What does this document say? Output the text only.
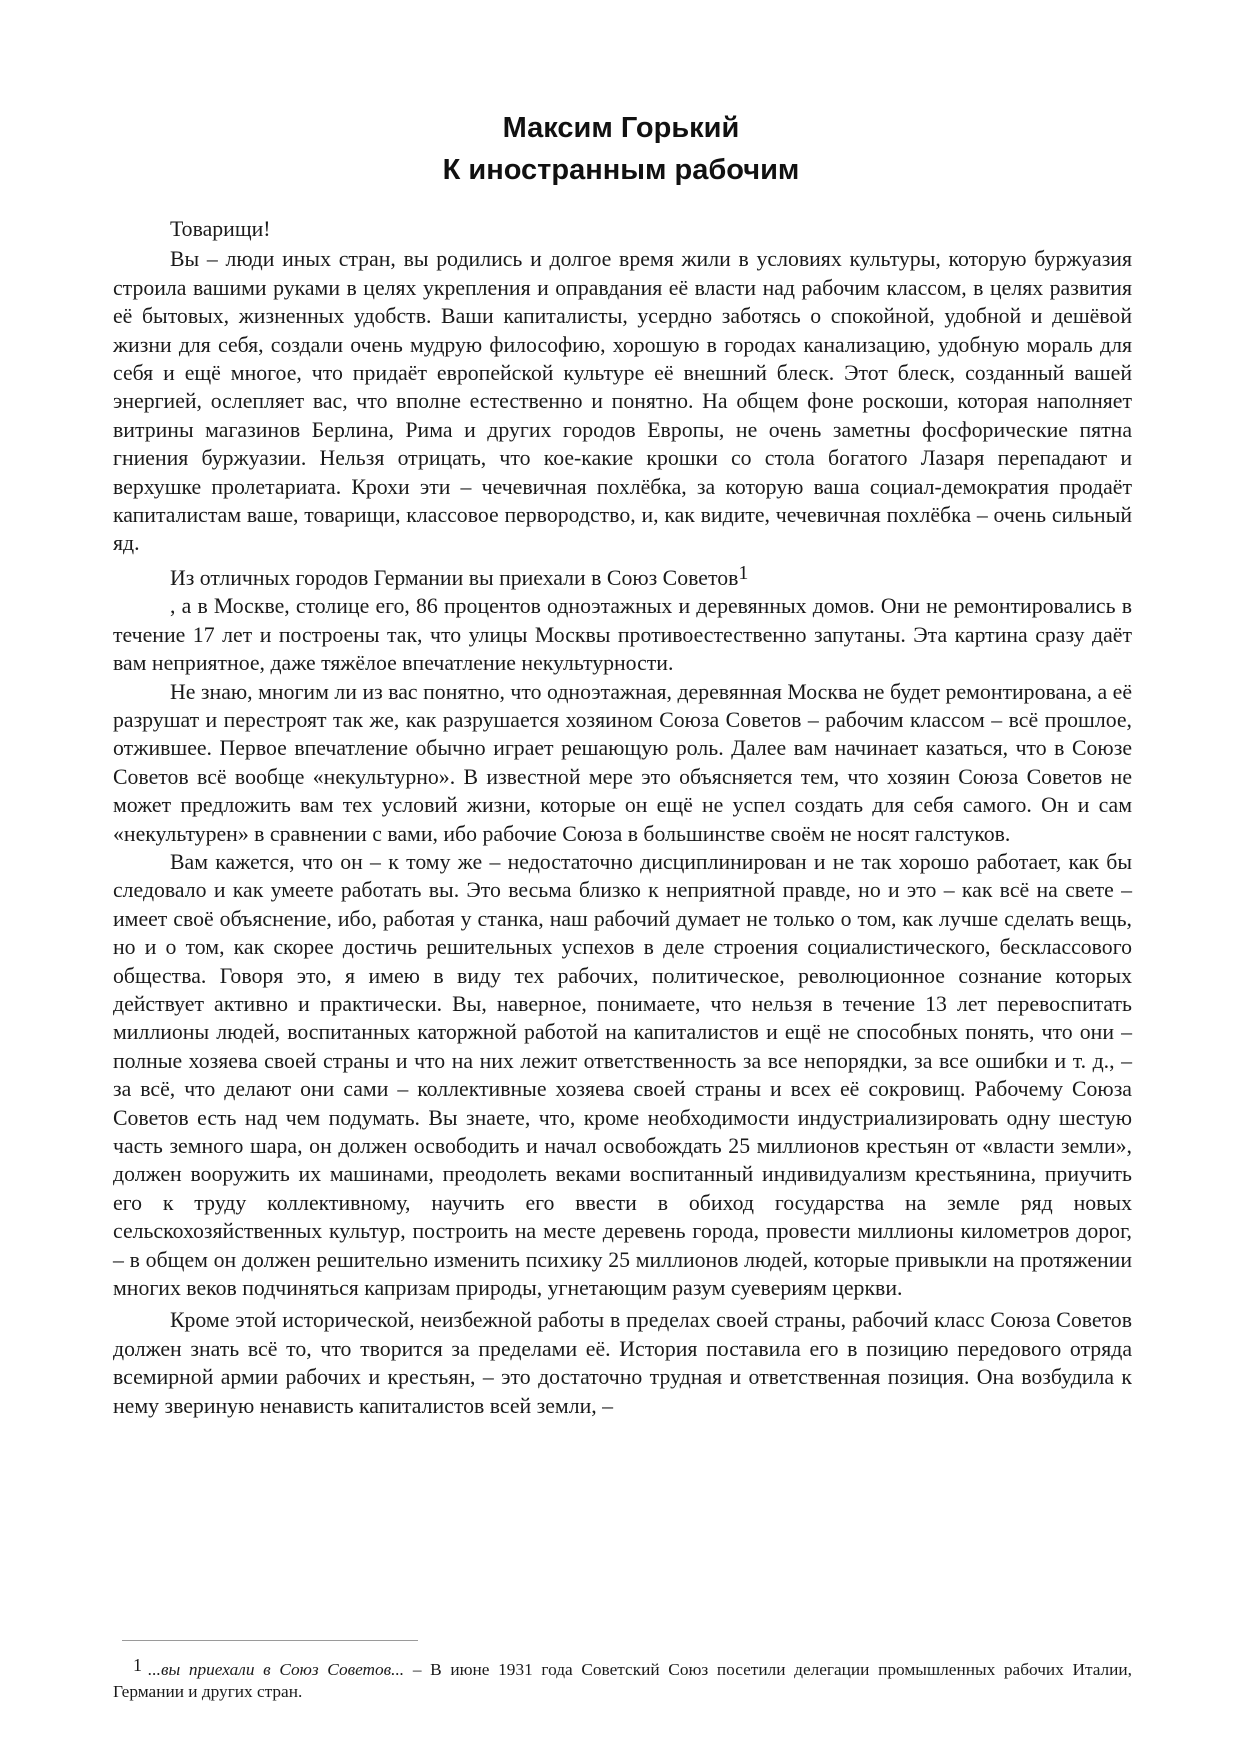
Максим Горький
К иностранным рабочим

Товарищи!

Вы – люди иных стран, вы родились и долгое время жили в условиях культуры, которую буржуазия строила вашими руками в целях укрепления и оправдания её власти над рабочим классом, в целях развития её бытовых, жизненных удобств. Ваши капиталисты, усердно заботясь о спокойной, удобной и дешёвой жизни для себя, создали очень мудрую философию, хорошую в городах канализацию, удобную мораль для себя и ещё многое, что придаёт европейской культуре её внешний блеск. Этот блеск, созданный вашей энергией, ослепляет вас, что вполне естественно и понятно. На общем фоне роскоши, которая наполняет витрины магазинов Берлина, Рима и других городов Европы, не очень заметны фосфорические пятна гниения буржуазии. Нельзя отрицать, что кое-какие крошки со стола богатого Лазаря перепадают и верхушке пролетариата. Крохи эти – чечевичная похлёбка, за которую ваша социал-демократия продаёт капиталистам ваше, товарищи, классовое первородство, и, как видите, чечевичная похлёбка – очень сильный яд.

Из отличных городов Германии вы приехали в Союз Советов1

, а в Москве, столице его, 86 процентов одноэтажных и деревянных домов. Они не ремонтировались в течение 17 лет и построены так, что улицы Москвы противоестественно запутаны. Эта картина сразу даёт вам неприятное, даже тяжёлое впечатление некультурности.

Не знаю, многим ли из вас понятно, что одноэтажная, деревянная Москва не будет ремонтирована, а её разрушат и перестроят так же, как разрушается хозяином Союза Советов – рабочим классом – всё прошлое, отжившее. Первое впечатление обычно играет решающую роль. Далее вам начинает казаться, что в Союзе Советов всё вообще «некультурно». В известной мере это объясняется тем, что хозяин Союза Советов не может предложить вам тех условий жизни, которые он ещё не успел создать для себя самого. Он и сам «некультурен» в сравнении с вами, ибо рабочие Союза в большинстве своём не носят галстуков.

Вам кажется, что он – к тому же – недостаточно дисциплинирован и не так хорошо работает, как бы следовало и как умеете работать вы. Это весьма близко к неприятной правде, но и это – как всё на свете – имеет своё объяснение, ибо, работая у станка, наш рабочий думает не только о том, как лучше сделать вещь, но и о том, как скорее достичь решительных успехов в деле строения социалистического, бесклассового общества. Говоря это, я имею в виду тех рабочих, политическое, революционное сознание которых действует активно и практически. Вы, наверное, понимаете, что нельзя в течение 13 лет перевоспитать миллионы людей, воспитанных каторжной работой на капиталистов и ещё не способных понять, что они – полные хозяева своей страны и что на них лежит ответственность за все непорядки, за все ошибки и т. д., – за всё, что делают они сами – коллективные хозяева своей страны и всех её сокровищ. Рабочему Союза Советов есть над чем подумать. Вы знаете, что, кроме необходимости индустриализировать одну шестую часть земного шара, он должен освободить и начал освобождать 25 миллионов крестьян от «власти земли», должен вооружить их машинами, преодолеть веками воспитанный индивидуализм крестьянина, приучить его к труду коллективному, научить его ввести в обиход государства на земле ряд новых сельскохозяйственных культур, построить на месте деревень города, провести миллионы километров дорог, – в общем он должен решительно изменить психику 25 миллионов людей, которые привыкли на протяжении многих веков подчиняться капризам природы, угнетающим разум суевериям церкви.

Кроме этой исторической, неизбежной работы в пределах своей страны, рабочий класс Союза Советов должен знать всё то, что творится за пределами её. История поставила его в позицию передового отряда всемирной армии рабочих и крестьян, – это достаточно трудная и ответственная позиция. Она возбудила к нему звериную ненависть капиталистов всей земли, –

1 ...вы приехали в Союз Советов... – В июне 1931 года Советский Союз посетили делегации промышленных рабочих Италии, Германии и других стран.
